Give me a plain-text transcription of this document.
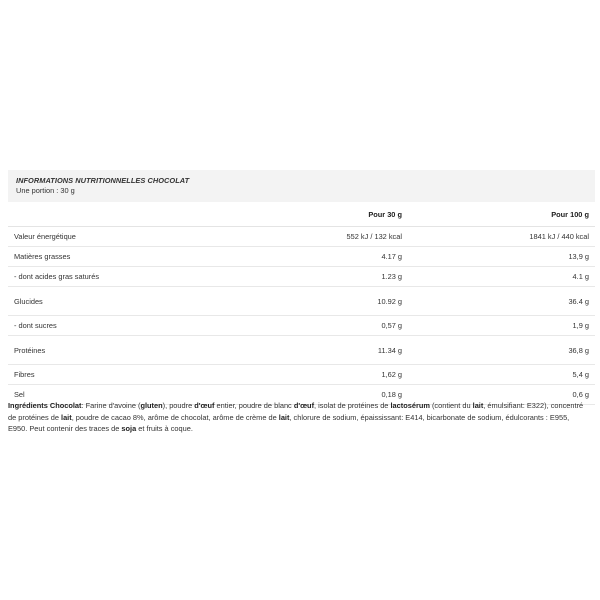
INFORMATIONS NUTRITIONNELLES CHOCOLAT
Une portion : 30 g
	Pour 30 g	Pour 100 g
Valeur énergétique	552 kJ / 132 kcal	1841 kJ / 440 kcal
Matières grasses	4.17 g	13,9 g
- dont acides gras saturés	1.23 g	4.1 g
Glucides	10.92 g	36.4 g
- dont sucres	0,57 g	1,9 g
Protéines	11.34 g	36,8 g
Fibres	1,62 g	5,4 g
Sel	0,18 g	0,6 g
Ingrédients Chocolat: Farine d'avoine (gluten), poudre d'œuf entier, poudre de blanc d'œuf, isolat de protéines de lactosérum (contient du lait, émulsifiant: E322), concentré de protéines de lait, poudre de cacao 8%, arôme de chocolat, arôme de crème de lait, chlorure de sodium, épaississant: E414, bicarbonate de sodium, édulcorants : E955, E950. Peut contenir des traces de soja et fruits à coque.
